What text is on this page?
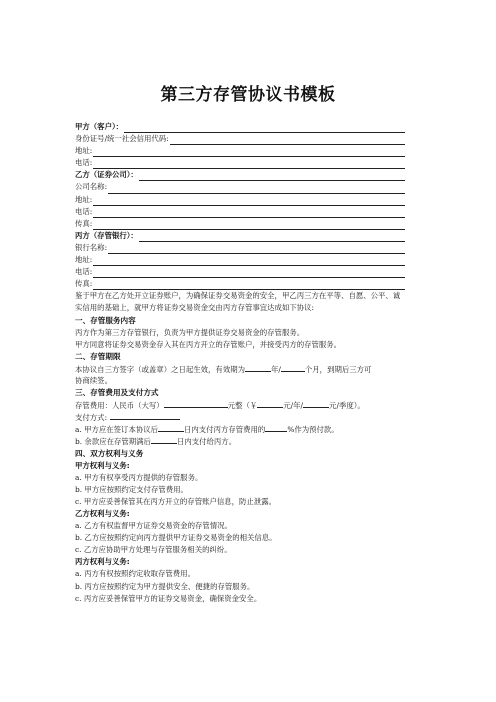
第三方存管协议书模板
甲方（客户）：
身份证号/统一社会信用代码:
地址:
电话:
乙方（证券公司）：
公司名称:
地址:
电话:
传真:
丙方（存管银行）：
银行名称:
地址:
电话:
传真:
鉴于甲方在乙方处开立证券账户，为确保证券交易资金的安全，甲乙丙三方在平等、自愿、公平、诚实信用的基础上，就甲方将证券交易资金交由丙方存管事宜达成如下协议:
一、存管服务内容
丙方作为第三方存管银行，负责为甲方提供证券交易资金的存管服务。
甲方同意将证券交易资金存入其在丙方开立的存管账户，并接受丙方的存管服务。
二、存管期限
本协议自三方签字（或盖章）之日起生效，有效期为	年/	个月，到期后三方可
协商续签。
三、存管费用及支付方式
存管费用：人民币（大写）	元整（￥	元/年/	元/季度）。
支付方式:
a. 甲方应在签订本协议后	日内支付丙方存管费用的	%作为预付款。
b. 余款应在存管期满后	日内支付给丙方。
四、双方权利与义务
甲方权利与义务:
a. 甲方有权享受丙方提供的存管服务。
b. 甲方应按照约定支付存管费用。
c. 甲方应妥善保管其在丙方开立的存管账户信息，防止泄露。
乙方权利与义务:
a. 乙方有权监督甲方证券交易资金的存管情况。
b. 乙方应按照约定向丙方提供甲方证券交易资金的相关信息。
c. 乙方应协助甲方处理与存管服务相关的纠纷。
丙方权利与义务:
a. 丙方有权按照约定收取存管费用。
b. 丙方应按照约定为甲方提供安全、便捷的存管服务。
c. 丙方应妥善保管甲方的证券交易资金，确保资金安全。
